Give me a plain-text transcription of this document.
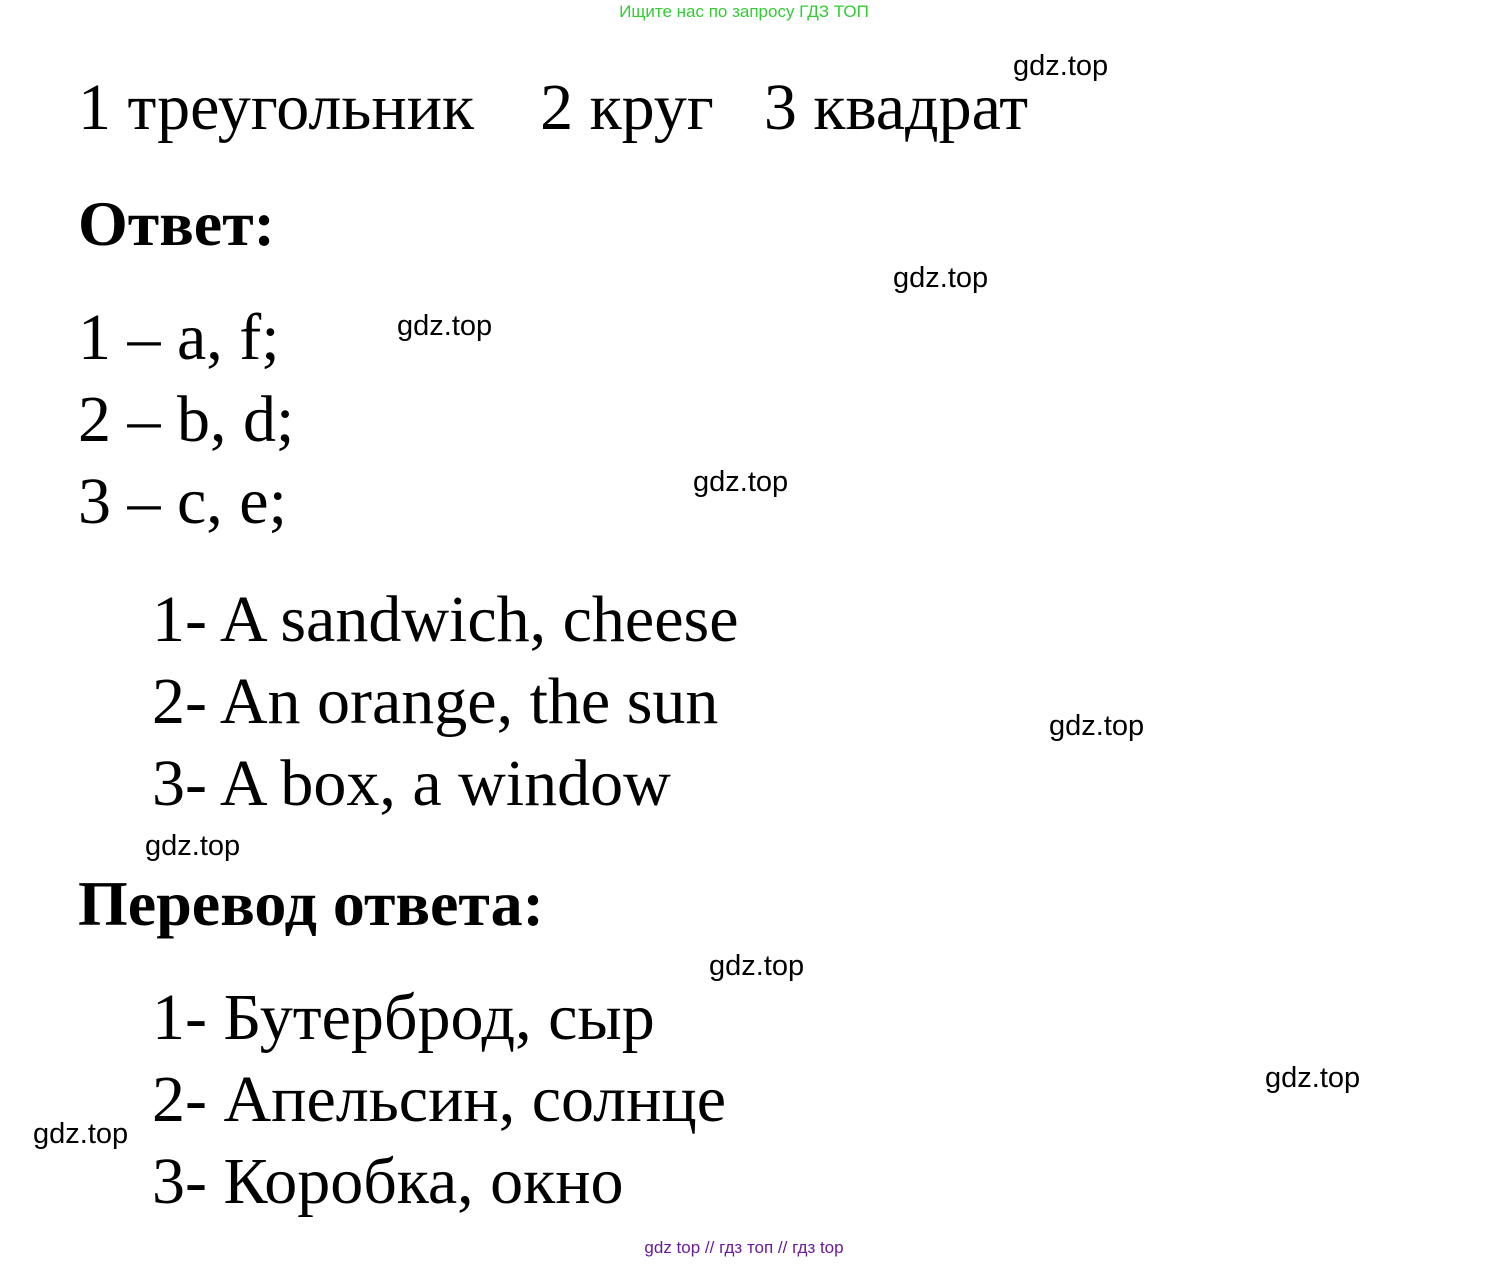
Ищите нас по запросу ГДЗ ТОП
1 треугольник 2 круг 3 квадрат
Ответ:
1 – a, f;
2 – b, d;
3 – c, e;
1- A sandwich, cheese
2- An orange, the sun
3- A box, a window
Перевод ответа:
1- Бутерброд, сыр
2- Апельсин, солнце
3- Коробка, окно
gdz.top
gdz.top
gdz.top
gdz.top
gdz.top
gdz.top
gdz.top
gdz.top
gdz.top
gdz top // гдз топ // гдз top
